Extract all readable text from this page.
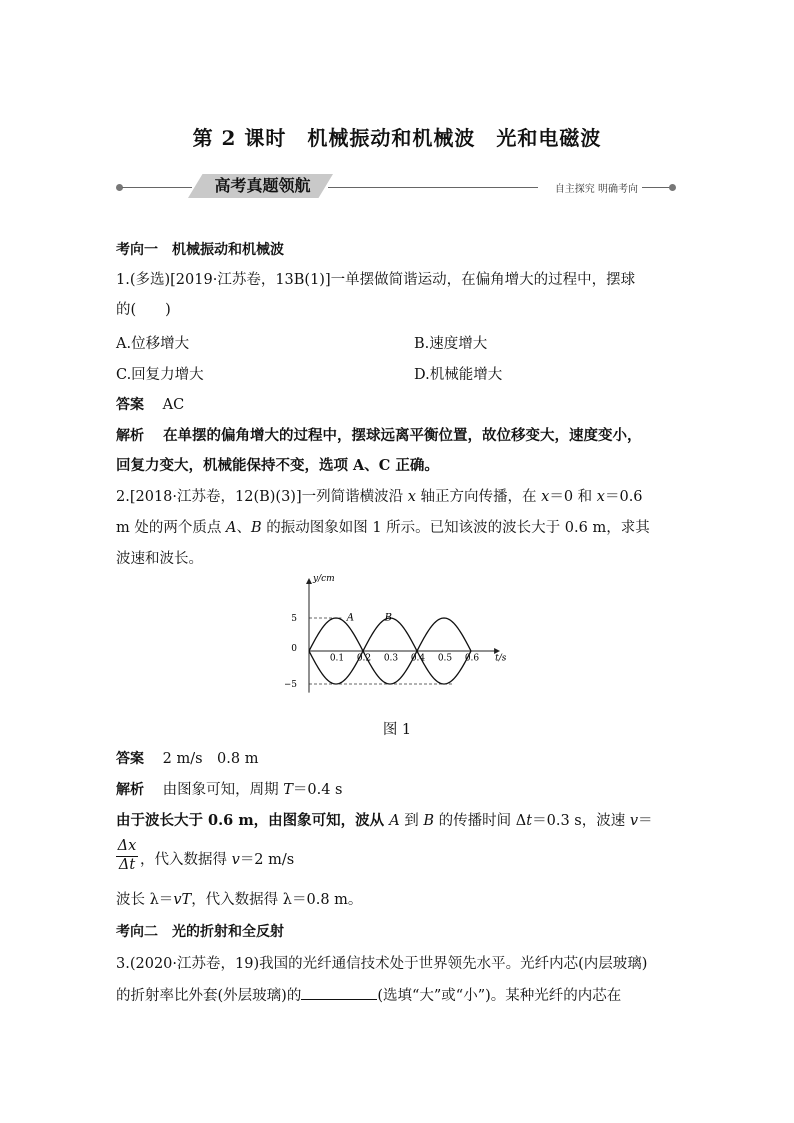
第 2 课时　机械振动和机械波　光和电磁波
高考真题领航	自主探究 明确考向
考向一　机械振动和机械波
1.(多选)[2019·江苏卷，13B(1)]一单摆做简谐运动，在偏角增大的过程中，摆球
的(　　)
A.位移增大	B.速度增大
C.回复力增大	D.机械能增大
答案 AC
解析 在单摆的偏角增大的过程中，摆球远离平衡位置，故位移变大，速度变小，
回复力变大，机械能保持不变，选项 A、C 正确。
2.[2018·江苏卷，12(B)(3)]一列简谐横波沿 x 轴正方向传播，在 x＝0 和 x＝0.6
m 处的两个质点 A、B 的振动图象如图 1 所示。已知该波的波长大于 0.6 m，求其
波速和波长。
0.1 0.2 0.3 0.4 0.5 0.6 t/s
y/cm
5
0
−5
A	B
图 1
答案 2 m/s　0.8 m
解析 由图象可知，周期 T＝0.4 s
由于波长大于 0.6 m，由图象可知，波从 A 到 B 的传播时间 Δt＝0.3 s，波速 v＝
$\frac{\Delta x}{\Delta t}$ ，代入数据得 v＝2 m/s
波长 λ＝vT，代入数据得 λ＝0.8 m。
考向二　光的折射和全反射
3.(2020·江苏卷，19)我国的光纤通信技术处于世界领先水平。光纤内芯(内层玻璃)
的折射率比外套(外层玻璃)的	(选填“大”或“小”)。某种光纤的内芯在
